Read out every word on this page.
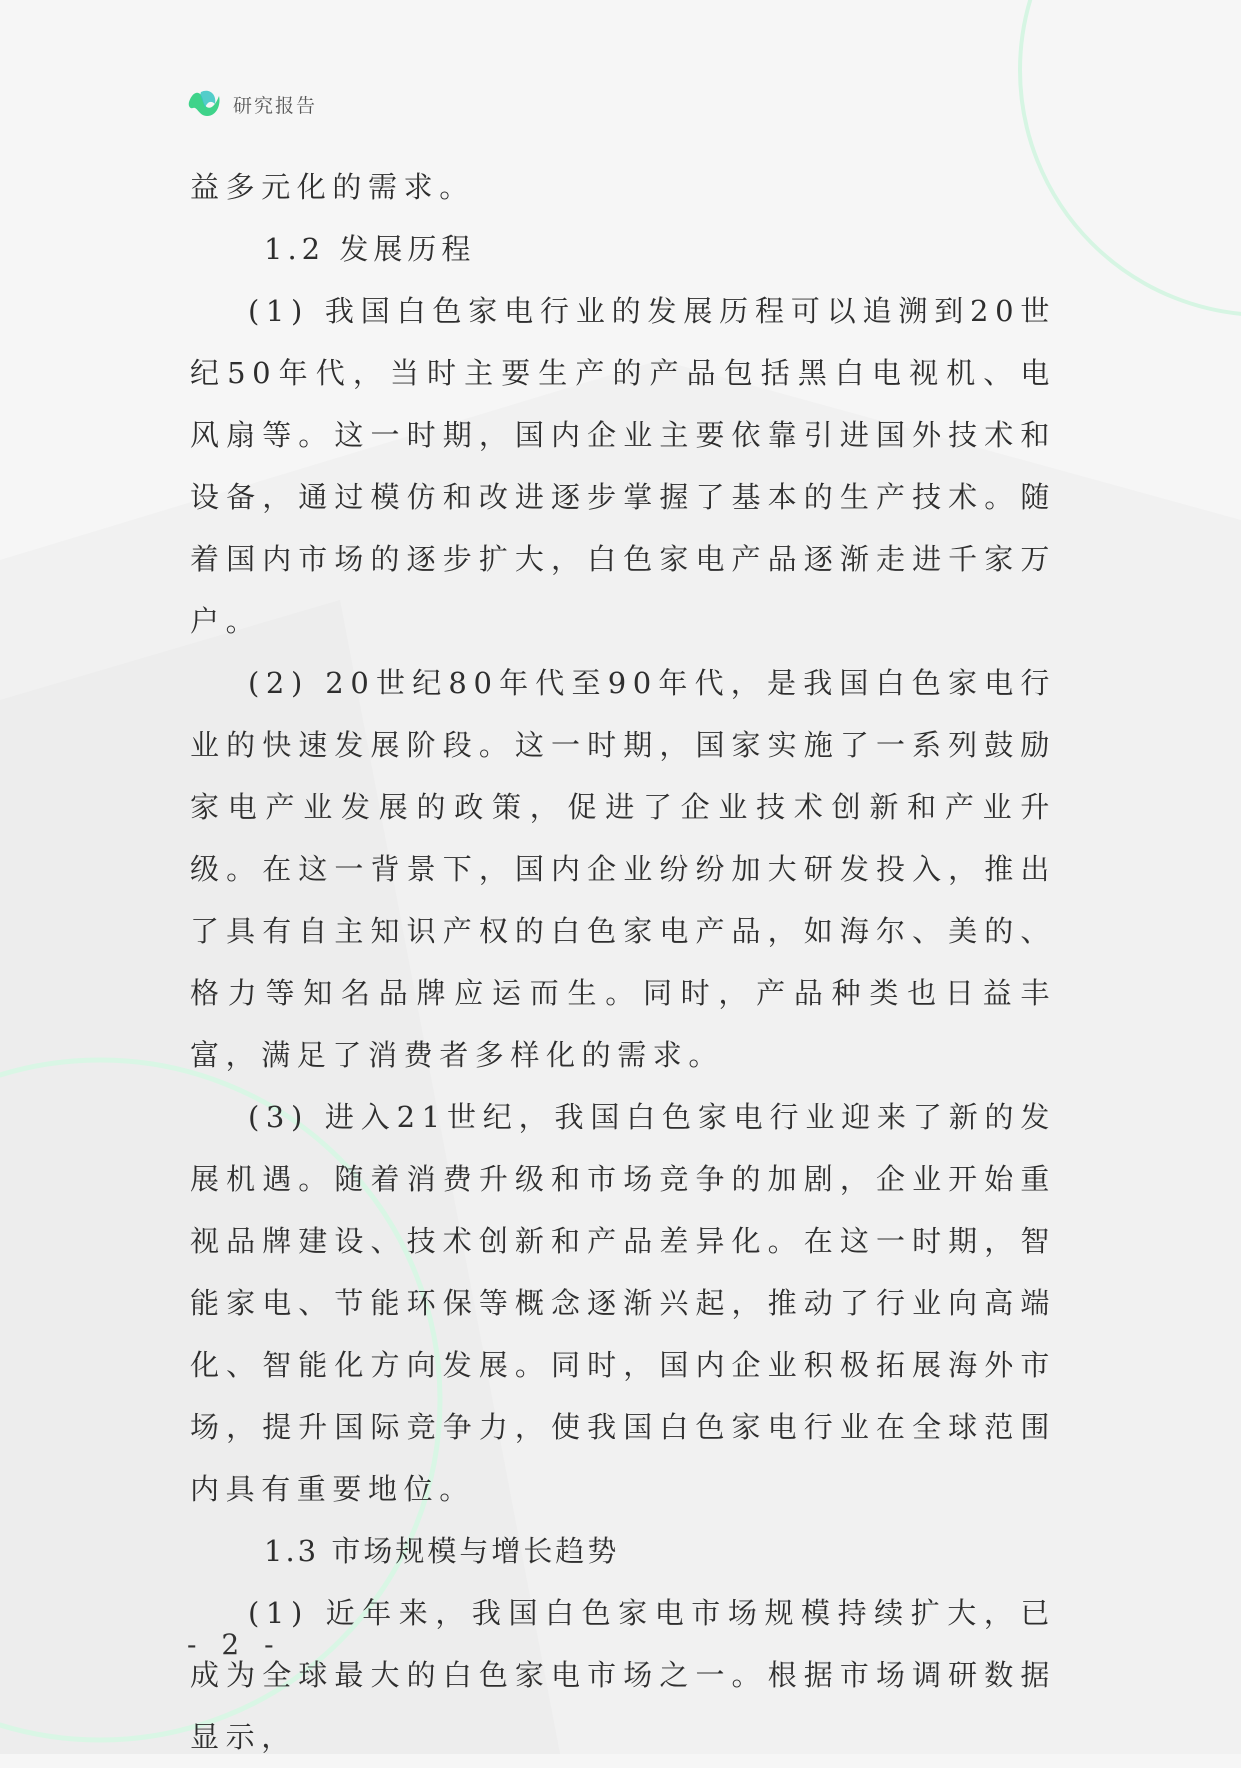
研究报告

益多元化的需求。

1.2 发展历程

(1) 我国白色家电行业的发展历程可以追溯到20世纪50年代，当时主要生产的产品包括黑白电视机、电风扇等。这一时期，国内企业主要依靠引进国外技术和设备，通过模仿和改进逐步掌握了基本的生产技术。随着国内市场的逐步扩大，白色家电产品逐渐走进千家万户。

(2) 20世纪80年代至90年代，是我国白色家电行业的快速发展阶段。这一时期，国家实施了一系列鼓励家电产业发展的政策，促进了企业技术创新和产业升级。在这一背景下，国内企业纷纷加大研发投入，推出了具有自主知识产权的白色家电产品，如海尔、美的、格力等知名品牌应运而生。同时，产品种类也日益丰富，满足了消费者多样化的需求。

(3) 进入21世纪，我国白色家电行业迎来了新的发展机遇。随着消费升级和市场竞争的加剧，企业开始重视品牌建设、技术创新和产品差异化。在这一时期，智能家电、节能环保等概念逐渐兴起，推动了行业向高端化、智能化方向发展。同时，国内企业积极拓展海外市场，提升国际竞争力，使我国白色家电行业在全球范围内具有重要地位。

1.3 市场规模与增长趋势

(1) 近年来，我国白色家电市场规模持续扩大，已成为全球最大的白色家电市场之一。根据市场调研数据显示，

- 2 -
